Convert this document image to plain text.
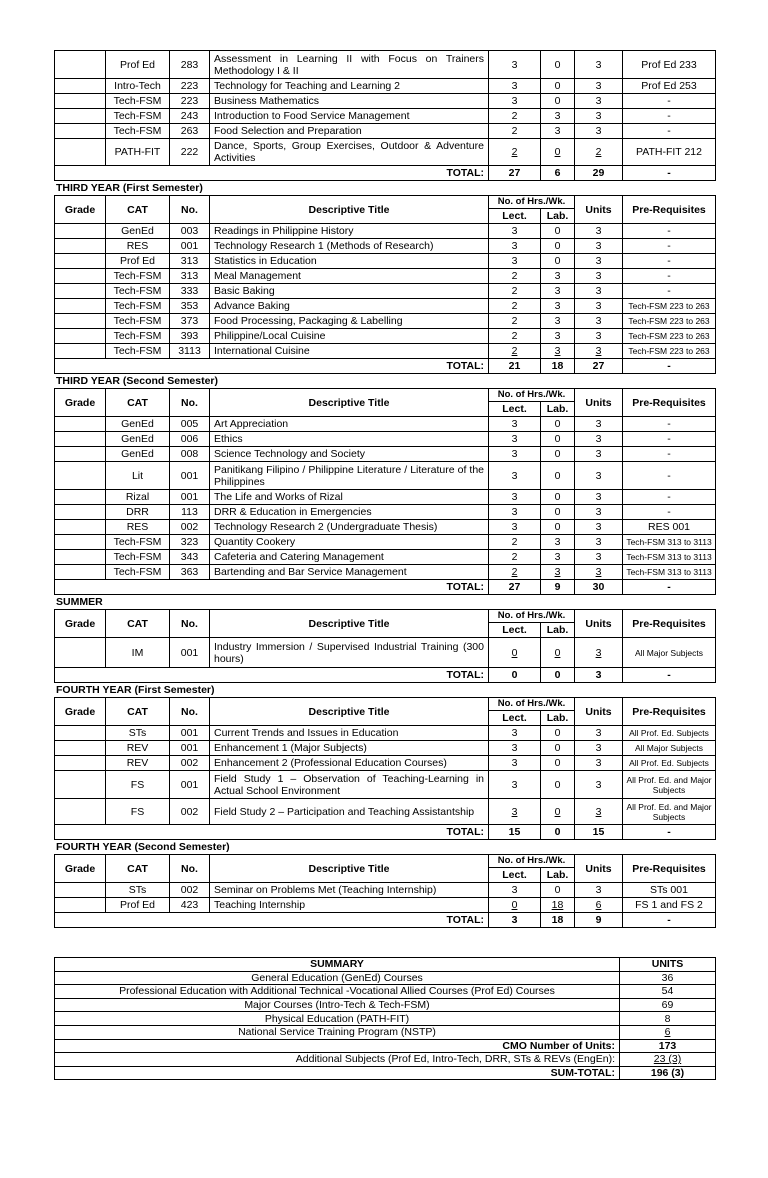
	Prof Ed	283	Assessment in Learning II with Focus on Trainers Methodology I & II	3	0	3	Prof Ed 233
	Intro-Tech	223	Technology for Teaching and Learning 2	3	0	3	Prof Ed 253
	Tech-FSM	223	Business Mathematics	3	0	3	-
	Tech-FSM	243	Introduction to Food Service Management	2	3	3	-
	Tech-FSM	263	Food Selection and Preparation	2	3	3	-
	PATH-FIT	222	Dance, Sports, Group Exercises, Outdoor & Adventure Activities	2	0	2	PATH-FIT 212
			TOTAL:	27	6	29	-
THIRD YEAR (First Semester)
Grade	CAT	No.	Descriptive Title	No. of Hrs./Wk.		Units	Pre-Requisites
				Lect.	Lab.		
	GenEd	003	Readings in Philippine History	3	0	3	-
	RES	001	Technology Research 1 (Methods of Research)	3	0	3	-
	Prof Ed	313	Statistics in Education	3	0	3	-
	Tech-FSM	313	Meal Management	2	3	3	-
	Tech-FSM	333	Basic Baking	2	3	3	-
	Tech-FSM	353	Advance Baking	2	3	3	Tech-FSM 223 to 263
	Tech-FSM	373	Food Processing, Packaging & Labelling	2	3	3	Tech-FSM 223 to 263
	Tech-FSM	393	Philippine/Local Cuisine	2	3	3	Tech-FSM 223 to 263
	Tech-FSM	3113	International Cuisine	2	3	3	Tech-FSM 223 to 263
			TOTAL:	21	18	27	-
THIRD YEAR (Second Semester)
Grade	CAT	No.	Descriptive Title	No. of Hrs./Wk.		Units	Pre-Requisites
				Lect.	Lab.		
	GenEd	005	Art Appreciation	3	0	3	-
	GenEd	006	Ethics	3	0	3	-
	GenEd	008	Science Technology and Society	3	0	3	-
	Lit	001	Panitikang Filipino / Philippine Literature / Literature of the Philippines	3	0	3	-
	Rizal	001	The Life and Works of Rizal	3	0	3	-
	DRR	113	DRR & Education in Emergencies	3	0	3	-
	RES	002	Technology Research 2 (Undergraduate Thesis)	3	0	3	RES 001
	Tech-FSM	323	Quantity Cookery	2	3	3	Tech-FSM 313 to 3113
	Tech-FSM	343	Cafeteria and Catering Management	2	3	3	Tech-FSM 313 to 3113
	Tech-FSM	363	Bartending and Bar Service Management	2	3	3	Tech-FSM 313 to 3113
			TOTAL:	27	9	30	-
SUMMER
Grade	CAT	No.	Descriptive Title	No. of Hrs./Wk.		Units	Pre-Requisites
				Lect.	Lab.		
	IM	001	Industry Immersion / Supervised Industrial Training (300 hours)	0	0	3	All Major Subjects
			TOTAL:	0	0	3	-
FOURTH YEAR (First Semester)
Grade	CAT	No.	Descriptive Title	No. of Hrs./Wk.		Units	Pre-Requisites
				Lect.	Lab.		
	STs	001	Current Trends and Issues in Education	3	0	3	All Prof. Ed. Subjects
	REV	001	Enhancement 1 (Major Subjects)	3	0	3	All Major Subjects
	REV	002	Enhancement 2 (Professional Education Courses)	3	0	3	All Prof. Ed. Subjects
	FS	001	Field Study 1 – Observation of Teaching-Learning in Actual School Environment	3	0	3	All Prof. Ed. and Major Subjects
	FS	002	Field Study 2 – Participation and Teaching Assistantship	3	0	3	All Prof. Ed. and Major Subjects
			TOTAL:	15	0	15	-
FOURTH YEAR (Second Semester)
Grade	CAT	No.	Descriptive Title	No. of Hrs./Wk.		Units	Pre-Requisites
				Lect.	Lab.		
	STs	002	Seminar on Problems Met (Teaching Internship)	3	0	3	STs 001
	Prof Ed	423	Teaching Internship	0	18	6	FS 1 and FS 2
			TOTAL:	3	18	9	-
SUMMARY	UNITS
General Education (GenEd) Courses	36
Professional Education with Additional Technical -Vocational Allied Courses (Prof Ed) Courses	54
Major Courses (Intro-Tech & Tech-FSM)	69
Physical Education (PATH-FIT)	8
National Service Training Program (NSTP)	6
CMO Number of Units:	173
Additional Subjects (Prof Ed, Intro-Tech, DRR, STs & REVs (EngEn):	23 (3)
SUM-TOTAL:	196 (3)
